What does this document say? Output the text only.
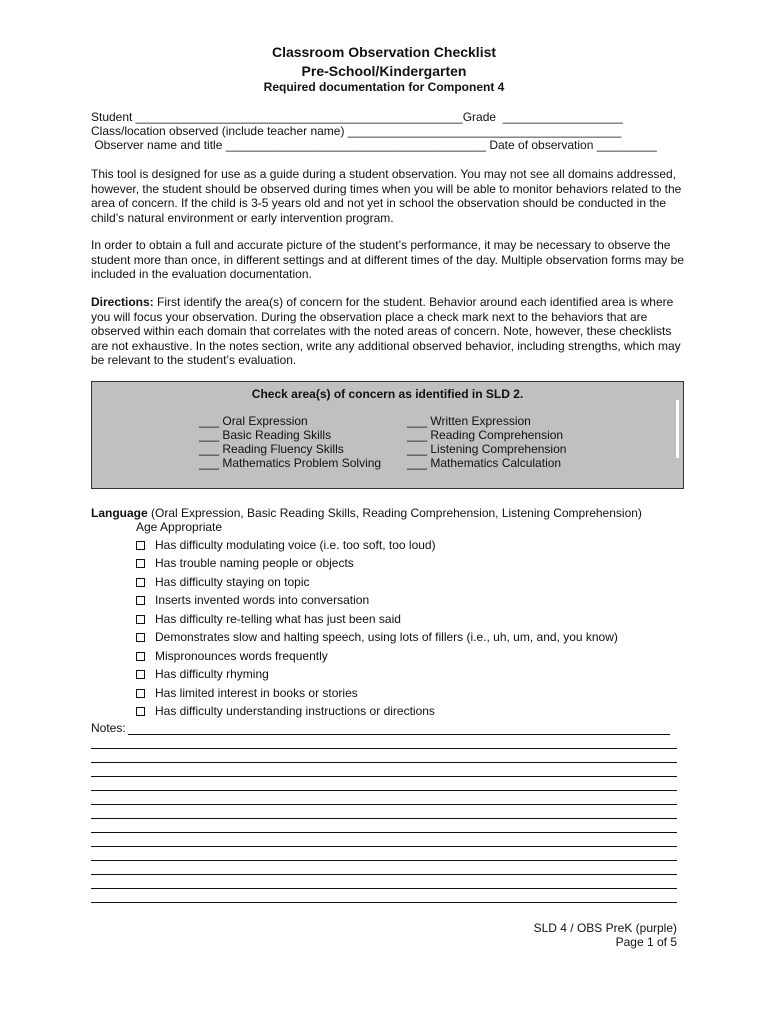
Classroom Observation Checklist
Pre-School/Kindergarten
Required documentation for Component 4
Student _________________________________________________Grade  __________________
Class/location observed (include teacher name) _________________________________________
Observer name and title _______________________________________ Date of observation _________
This tool is designed for use as a guide during a student observation. You may not see all domains addressed, however, the student should be observed during times when you will be able to monitor behaviors related to the area of concern. If the child is 3-5 years old and not yet in school the observation should be conducted in the child’s natural environment or early intervention program.
In order to obtain a full and accurate picture of the student’s performance, it may be necessary to observe the student more than once, in different settings and at different times of the day. Multiple observation forms may be included in the evaluation documentation.
Directions: First identify the area(s) of concern for the student. Behavior around each identified area is where you will focus your observation. During the observation place a check mark next to the behaviors that are observed within each domain that correlates with the noted areas of concern. Note, however, these checklists are not exhaustive. In the notes section, write any additional observed behavior, including strengths, which may be relevant to the student’s evaluation.
Check area(s) of concern as identified in SLD 2.
___ Oral Expression
___ Basic Reading Skills
___ Reading Fluency Skills
___ Mathematics Problem Solving
___ Written Expression
___ Reading Comprehension
___ Listening Comprehension
___ Mathematics Calculation
Language (Oral Expression, Basic Reading Skills, Reading Comprehension, Listening Comprehension)
Age Appropriate
Has difficulty modulating voice (i.e. too soft, too loud)
Has trouble naming people or objects
Has difficulty staying on topic
Inserts invented words into conversation
Has difficulty re-telling what has just been said
Demonstrates slow and halting speech, using lots of fillers (i.e., uh, um, and, you know)
Mispronounces words frequently
Has difficulty rhyming
Has limited interest in books or stories
Has difficulty understanding instructions or directions
Notes:
SLD 4 / OBS PreK (purple)
Page 1 of 5
